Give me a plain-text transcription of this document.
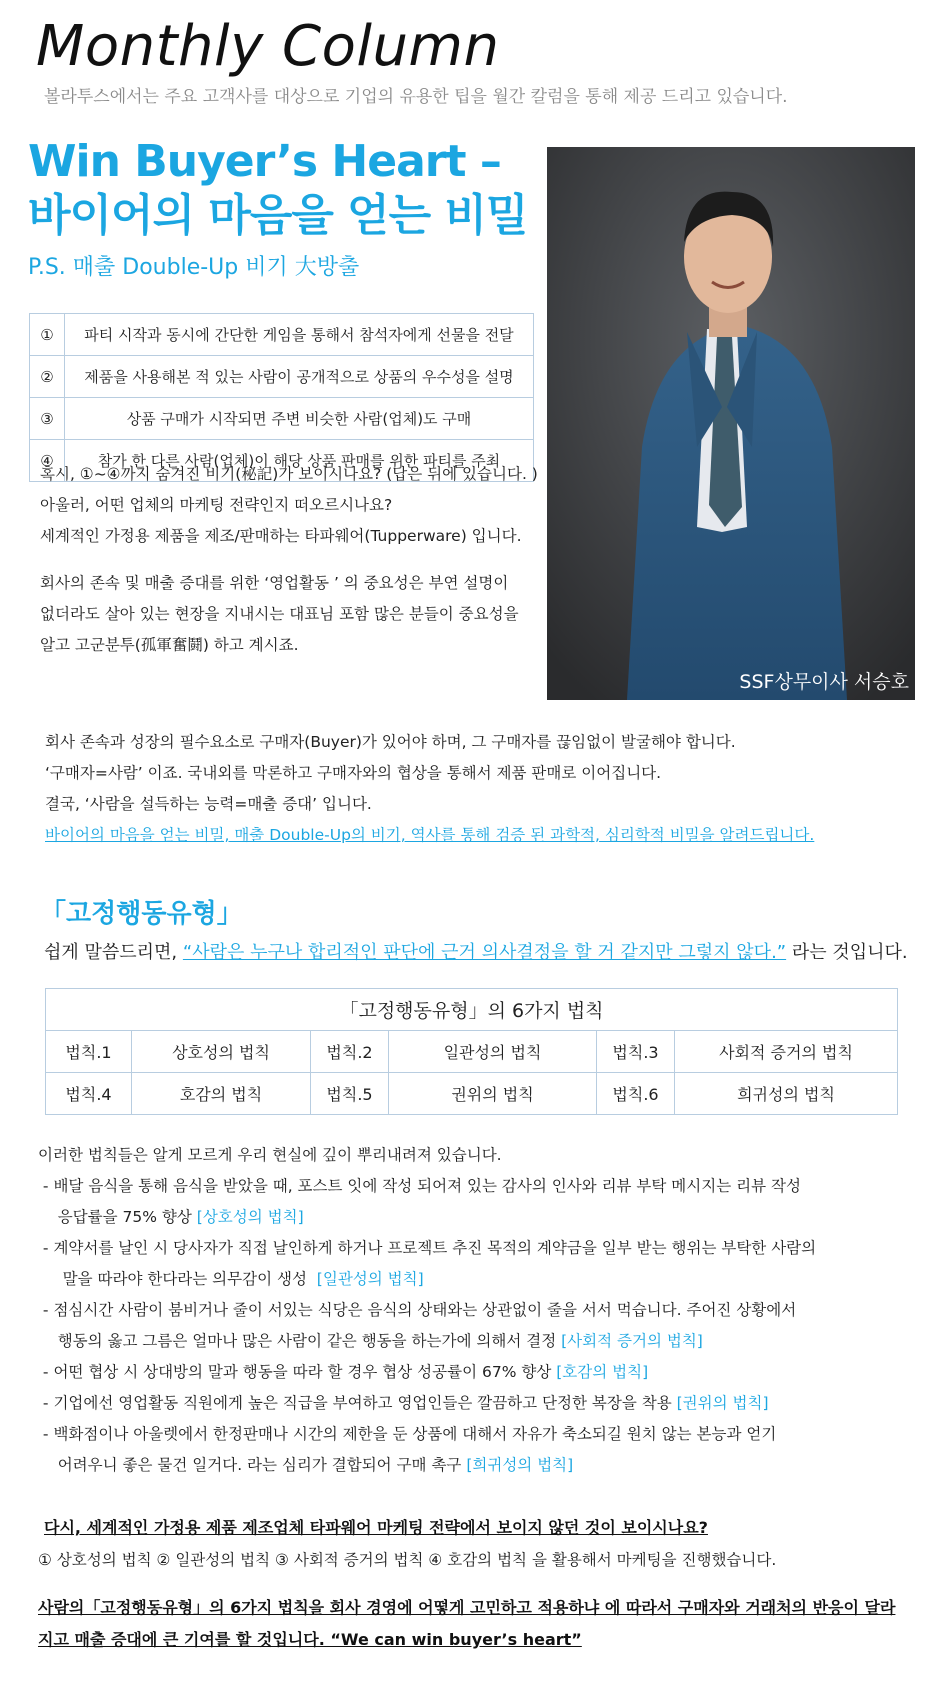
Monthly Column
볼라투스에서는 주요 고객사를 대상으로 기업의 유용한 팁을 월간 칼럼을 통해 제공 드리고 있습니다.
Win Buyer’s Heart –
바이어의 마음을 얻는 비밀
P.S. 매출 Double-Up 비기 大방출
①	파티 시작과 동시에 간단한 게임을 통해서 참석자에게 선물을 전달
②	제품을 사용해본 적 있는 사람이 공개적으로 상품의 우수성을 설명
③	상품 구매가 시작되면 주변 비슷한 사람(업체)도 구매
④	참가 한 다른 사람(업체)이 해당 상품 판매를 위한 파티를 주최
SSF상무이사 서승호

혹시, ①~④까지 숨겨진 비기(秘記)가 보이시나요? (답은 뒤에 있습니다. )

아울러, 어떤 업체의 마케팅 전략인지 떠오르시나요?

세계적인 가정용 제품을 제조/판매하는 타파웨어(Tupperware) 입니다.

회사의 존속 및 매출 증대를 위한 ‘영업활동 ’ 의 중요성은 부연 설명이

없더라도 살아 있는 현장을 지내시는 대표님 포함 많은 분들이 중요성을

알고 고군분투(孤軍奮鬪) 하고 계시죠.

회사 존속과 성장의 필수요소로 구매자(Buyer)가 있어야 하며, 그 구매자를 끊임없이 발굴해야 합니다.

‘구매자=사람’ 이죠. 국내외를 막론하고 구매자와의 협상을 통해서 제품 판매로 이어집니다.

결국, ‘사람을 설득하는 능력=매출 증대’ 입니다.

바이어의 마음을 얻는 비밀, 매출 Double-Up의 비기, 역사를 통해 검증 된 과학적, 심리학적 비밀을 알려드립니다.

「고정행동유형」
쉽게 말씀드리면, “사람은 누구나 합리적인 판단에 근거 의사결정을 할 거 같지만 그렇지 않다.” 라는 것입니다.
「고정행동유형」의 6가지 법칙					
법칙.1	상호성의 법칙	법칙.2	일관성의 법칙	법칙.3	사회적 증거의 법칙
법칙.4	호감의 법칙	법칙.5	권위의 법칙	법칙.6	희귀성의 법칙

이러한 법칙들은 알게 모르게 우리 현실에 깊이 뿌리내려져 있습니다.

- 배달 음식을 통해 음식을 받았을 때, 포스트 잇에 작성 되어져 있는 감사의 인사와 리뷰 부탁 메시지는 리뷰 작성

응답률을 75% 향상 [상호성의 법칙]

- 계약서를 날인 시 당사자가 직접 날인하게 하거나 프로젝트 추진 목적의 계약금을 일부 받는 행위는 부탁한 사람의

말을 따라야 한다라는 의무감이 생성  [일관성의 법칙]

- 점심시간 사람이 붐비거나 줄이 서있는 식당은 음식의 상태와는 상관없이 줄을 서서 먹습니다. 주어진 상황에서

행동의 옳고 그름은 얼마나 많은 사람이 같은 행동을 하는가에 의해서 결정 [사회적 증거의 법칙]

- 어떤 협상 시 상대방의 말과 행동을 따라 할 경우 협상 성공률이 67% 향상 [호감의 법칙]

- 기업에선 영업활동 직원에게 높은 직급을 부여하고 영업인들은 깔끔하고 단정한 복장을 착용 [권위의 법칙]

- 백화점이나 아울렛에서 한정판매나 시간의 제한을 둔 상품에 대해서 자유가 축소되길 원치 않는 본능과 얻기

어려우니 좋은 물건 일거다. 라는 심리가 결합되어 구매 촉구 [희귀성의 법칙]

다시, 세계적인 가정용 제품 제조업체 타파웨어 마케팅 전략에서 보이지 않던 것이 보이시나요?
① 상호성의 법칙 ② 일관성의 법칙 ③ 사회적 증거의 법칙 ④ 호감의 법칙 을 활용해서 마케팅을 진행했습니다.
사람의「고정행동유형」의 6가지 법칙을 회사 경영에 어떻게 고민하고 적용하냐 에 따라서 구매자와 거래처의 반응이 달라지고 매출 증대에 큰 기여를 할 것입니다. “We can win buyer’s heart”
